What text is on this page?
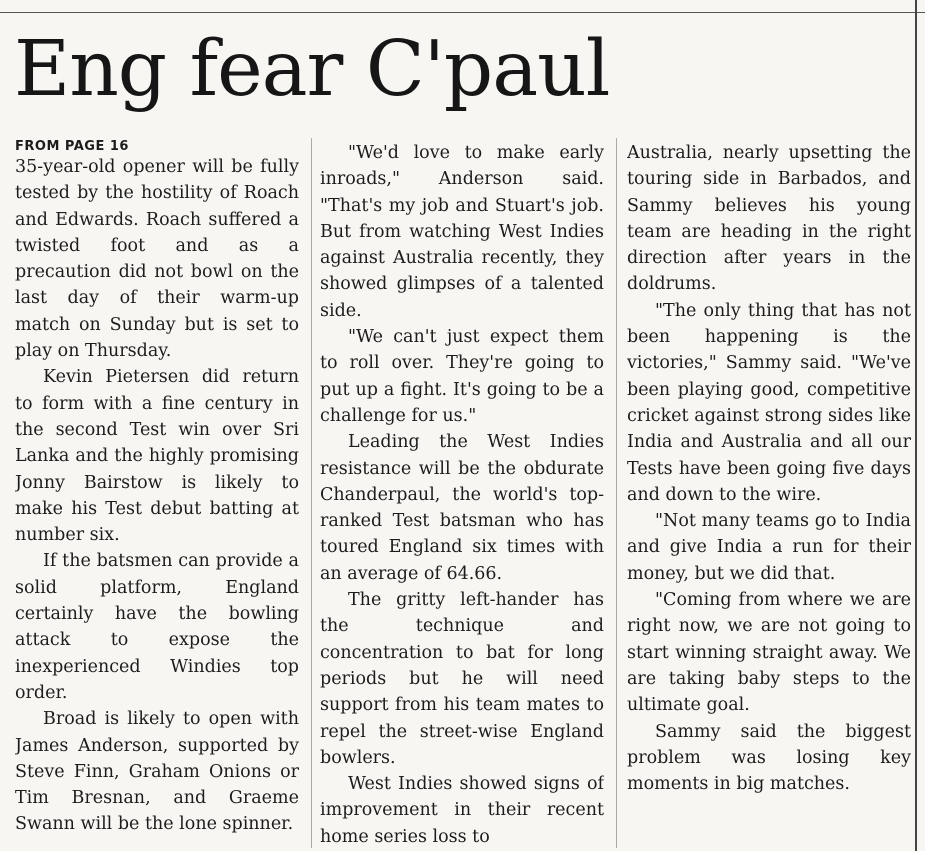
Eng fear C'paul
FROM PAGE 16

35-year-old opener will be fully tested by the hostility of Roach and Edwards. Roach suffered a twisted foot and as a precaution did not bowl on the last day of their warm-up match on Sunday but is set to play on Thursday.

Kevin Pietersen did return to form with a fine century in the second Test win over Sri Lanka and the highly promising Jonny Bairstow is likely to make his Test debut batting at number six.

If the batsmen can provide a solid platform, England certainly have the bowling attack to expose the inexperienced Windies top order.

Broad is likely to open with James Anderson, supported by Steve Finn, Graham Onions or Tim Bresnan, and Graeme Swann will be the lone spinner.

"We'd love to make early inroads," Anderson said. "That's my job and Stuart's job. But from watching West Indies against Australia recently, they showed glimpses of a talented side.

"We can't just expect them to roll over. They're going to put up a fight. It's going to be a challenge for us."

Leading the West Indies resistance will be the obdurate Chanderpaul, the world's top-ranked Test batsman who has toured England six times with an average of 64.66.

The gritty left-hander has the technique and concentration to bat for long periods but he will need support from his team mates to repel the street-wise England bowlers.

West Indies showed signs of improvement in their recent home series loss to

Australia, nearly upsetting the touring side in Barbados, and Sammy believes his young team are heading in the right direction after years in the doldrums.

"The only thing that has not been happening is the victories," Sammy said. "We've been playing good, competitive cricket against strong sides like India and Australia and all our Tests have been going five days and down to the wire.

"Not many teams go to India and give India a run for their money, but we did that.

"Coming from where we are right now, we are not going to start winning straight away. We are taking baby steps to the ultimate goal.

Sammy said the biggest problem was losing key moments in big matches.
